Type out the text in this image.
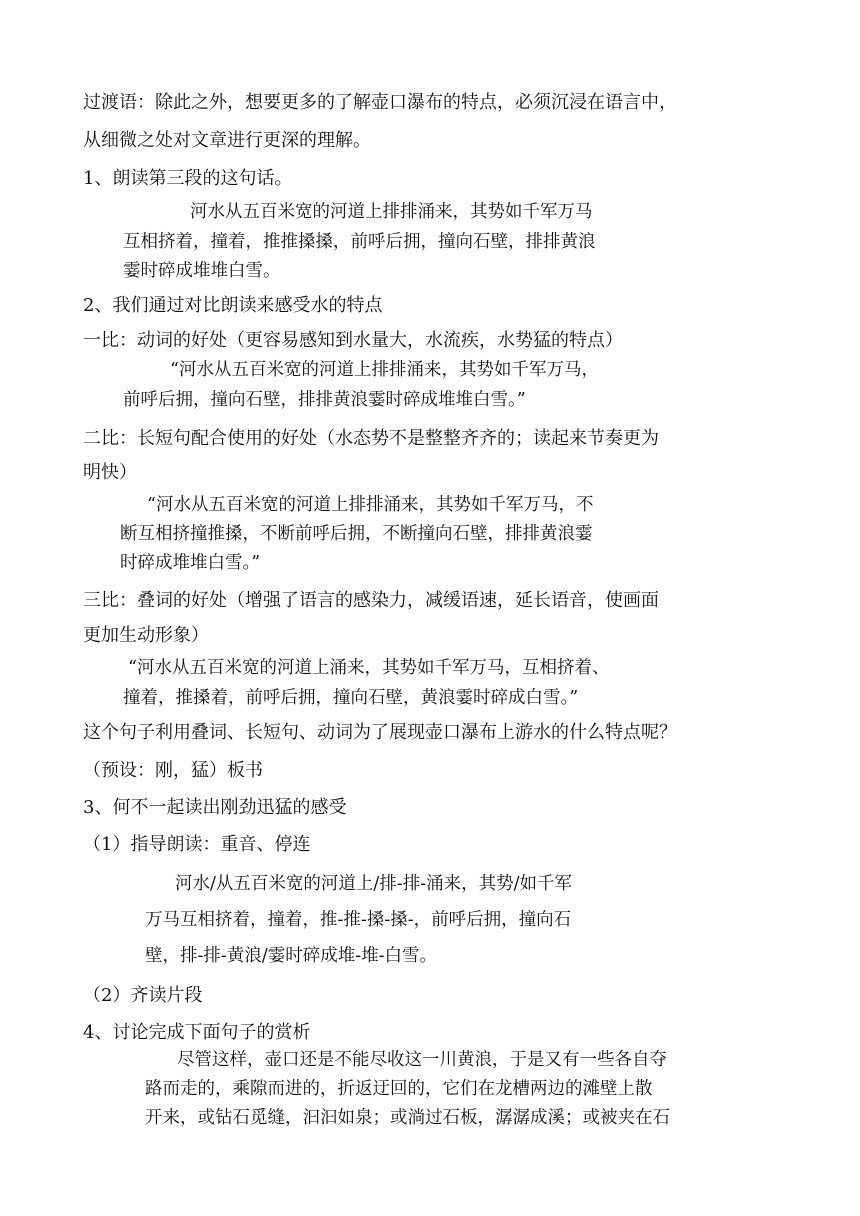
过渡语：除此之外，想要更多的了解壶口瀑布的特点，必须沉浸在语言中，
从细微之处对文章进行更深的理解。
1、朗读第三段的这句话。
河水从五百米宽的河道上排排涌来，其势如千军万马
互相挤着，撞着，推推搡搡，前呼后拥，撞向石壁，排排黄浪
霎时碎成堆堆白雪。
2、我们通过对比朗读来感受水的特点
一比：动词的好处（更容易感知到水量大，水流疾，水势猛的特点）
“河水从五百米宽的河道上排排涌来，其势如千军万马，
前呼后拥，撞向石壁，排排黄浪霎时碎成堆堆白雪。”
二比：长短句配合使用的好处（水态势不是整整齐齐的；读起来节奏更为
明快）
“河水从五百米宽的河道上排排涌来，其势如千军万马，不
断互相挤撞推搡，不断前呼后拥，不断撞向石壁，排排黄浪霎
时碎成堆堆白雪。”
三比：叠词的好处（增强了语言的感染力，减缓语速，延长语音，使画面
更加生动形象）
“河水从五百米宽的河道上涌来，其势如千军万马，互相挤着、
撞着，推搡着，前呼后拥，撞向石壁，黄浪霎时碎成白雪。”
这个句子利用叠词、长短句、动词为了展现壶口瀑布上游水的什么特点呢？
（预设：刚，猛）板书
3、何不一起读出刚劲迅猛的感受
（1）指导朗读：重音、停连
河水/从五百米宽的河道上/排-排-涌来，其势/如千军
万马互相挤着，撞着，推-推-搡-搡-，前呼后拥，撞向石
壁，排-排-黄浪/霎时碎成堆-堆-白雪。
（2）齐读片段
4、讨论完成下面句子的赏析
尽管这样，壶口还是不能尽收这一川黄浪，于是又有一些各自夺
路而走的，乘隙而进的，折返迂回的，它们在龙槽两边的滩壁上散
开来，或钻石觅缝，汩汩如泉；或淌过石板，潺潺成溪；或被夹在石
